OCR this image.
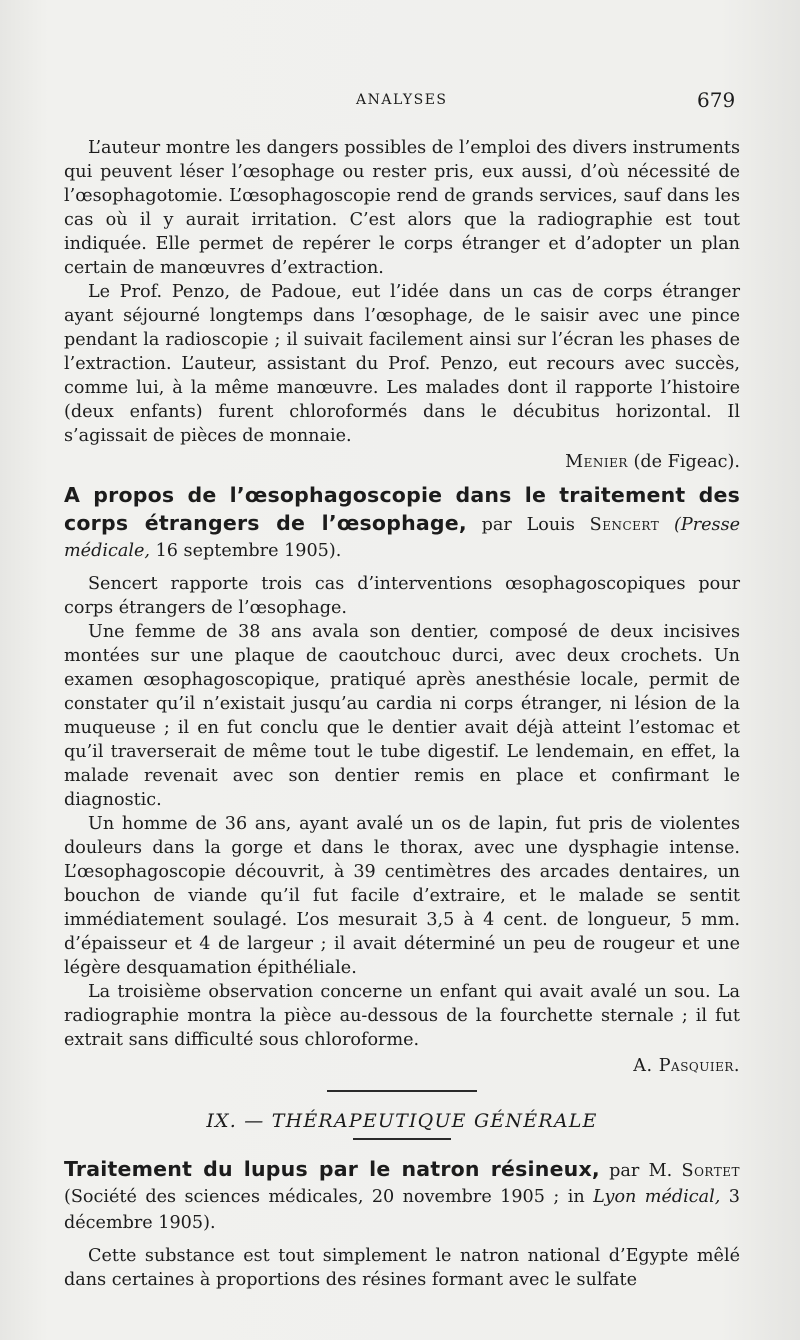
ANALYSES	679

L’auteur montre les dangers possibles de l’emploi des divers instruments qui peuvent léser l’œsophage ou rester pris, eux aussi, d’où nécessité de l’œsophagotomie. L’œsophagoscopie rend de grands services, sauf dans les cas où il y aurait irritation. C’est alors que la radiographie est tout indiquée. Elle permet de repérer le corps étranger et d’adopter un plan certain de manœuvres d’extraction.

Le Prof. Penzo, de Padoue, eut l’idée dans un cas de corps étranger ayant séjourné longtemps dans l’œsophage, de le saisir avec une pince pendant la radioscopie ; il suivait facilement ainsi sur l’écran les phases de l’extraction. L’auteur, assistant du Prof. Penzo, eut recours avec succès, comme lui, à la même manœuvre. Les malades dont il rapporte l’histoire (deux enfants) furent chloroformés dans le décubitus horizontal. Il s’agissait de pièces de monnaie.

Menier (de Figeac).
A propos de l’œsophagoscopie dans le traitement des corps étrangers de l’œsophage, par Louis Sencert (Presse médicale, 16 septembre 1905).

Sencert rapporte trois cas d’interventions œsophagoscopiques pour corps étrangers de l’œsophage.

Une femme de 38 ans avala son dentier, composé de deux incisives montées sur une plaque de caoutchouc durci, avec deux crochets. Un examen œsophagoscopique, pratiqué après anesthésie locale, permit de constater qu’il n’existait jusqu’au cardia ni corps étranger, ni lésion de la muqueuse ; il en fut conclu que le dentier avait déjà atteint l’estomac et qu’il traverserait de même tout le tube digestif. Le lendemain, en effet, la malade revenait avec son dentier remis en place et confirmant le diagnostic.

Un homme de 36 ans, ayant avalé un os de lapin, fut pris de violentes douleurs dans la gorge et dans le thorax, avec une dysphagie intense. L’œsophagoscopie découvrit, à 39 centimètres des arcades dentaires, un bouchon de viande qu’il fut facile d’extraire, et le malade se sentit immédiatement soulagé. L’os mesurait 3,5 à 4 cent. de longueur, 5 mm. d’épaisseur et 4 de largeur ; il avait déterminé un peu de rougeur et une légère desquamation épithéliale.

La troisième observation concerne un enfant qui avait avalé un sou. La radiographie montra la pièce au-dessous de la fourchette sternale ; il fut extrait sans difficulté sous chloroforme.

A. Pasquier.
IX. — THÉRAPEUTIQUE GÉNÉRALE
Traitement du lupus par le natron résineux, par M. Sortet (Société des sciences médicales, 20 novembre 1905 ; in Lyon médical, 3 décembre 1905).

Cette substance est tout simplement le natron national d’Egypte mêlé dans certaines à proportions des résines formant avec le sulfate
